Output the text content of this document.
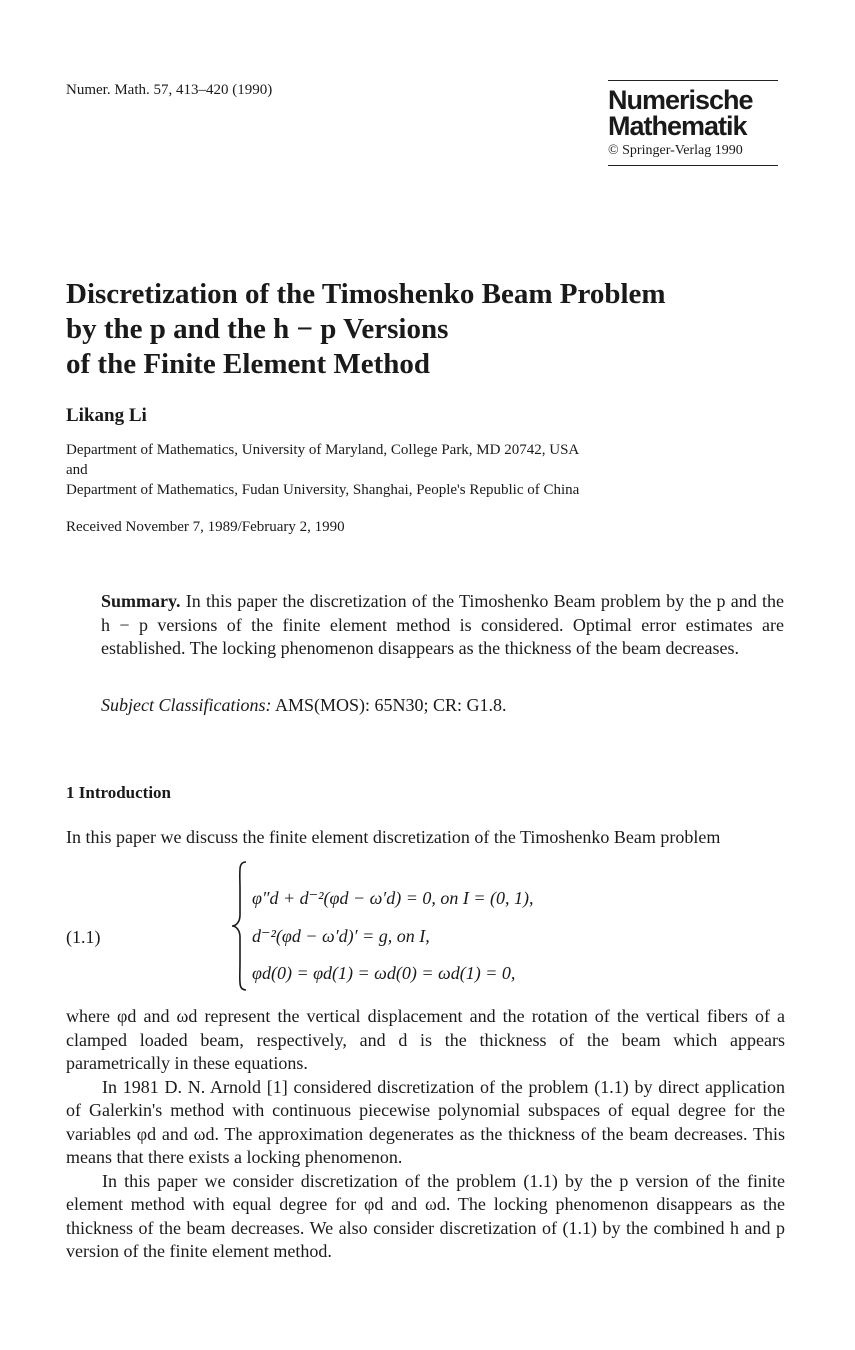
Numer. Math. 57, 413–420 (1990)	Numerische
Mathematik
© Springer-Verlag 1990
Discretization of the Timoshenko Beam Problem
by the p and the h − p Versions
of the Finite Element Method
Likang Li
Department of Mathematics, University of Maryland, College Park, MD 20742, USA
and
Department of Mathematics, Fudan University, Shanghai, People's Republic of China
Received November 7, 1989/February 2, 1990
Summary. In this paper the discretization of the Timoshenko Beam problem by the p and the h − p versions of the finite element method is considered. Optimal error estimates are established. The locking phenomenon disappears as the thickness of the beam decreases.
Subject Classifications: AMS(MOS): 65N30; CR: G1.8.
1 Introduction

In this paper we discuss the finite element discretization of the Timoshenko Beam problem

(1.1)
φ″d + d⁻²(φd − ω′d) = 0, on I = (0, 1),
d⁻²(φd − ω′d)′ = g, on I,
φd(0) = φd(1) = ωd(0) = ωd(1) = 0,

where φd and ωd represent the vertical displacement and the rotation of the vertical fibers of a clamped loaded beam, respectively, and d is the thickness of the beam which appears parametrically in these equations.

In 1981 D. N. Arnold [1] considered discretization of the problem (1.1) by direct application of Galerkin's method with continuous piecewise polynomial subspaces of equal degree for the variables φd and ωd. The approximation degenerates as the thickness of the beam decreases. This means that there exists a locking phenomenon.

In this paper we consider discretization of the problem (1.1) by the p version of the finite element method with equal degree for φd and ωd. The locking phenomenon disappears as the thickness of the beam decreases. We also consider discretization of (1.1) by the combined h and p version of the finite element method.
